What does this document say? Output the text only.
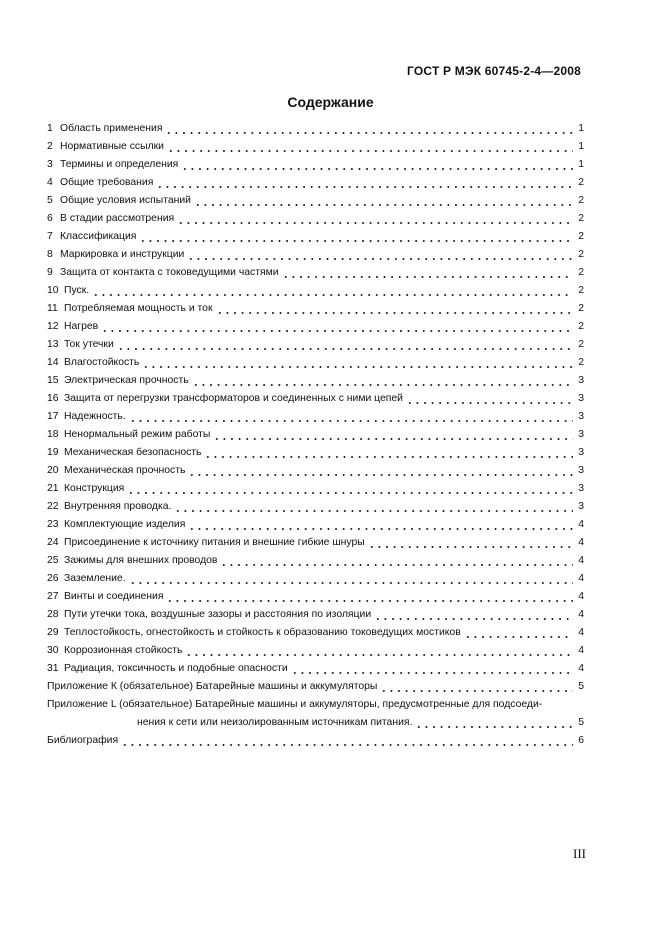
ГОСТ Р МЭК 60745-2-4—2008
Содержание
1 Область применения	1
2 Нормативные ссылки	1
3 Термины и определения	1
4 Общие требования	2
5 Общие условия испытаний	2
6 В стадии рассмотрения	2
7 Классификация	2
8 Маркировка и инструкции	2
9 Защита от контакта с токоведущими частями	2
10 Пуск.	2
11 Потребляемая мощность и ток	2
12 Нагрев	2
13 Ток утечки	2
14 Влагостойкость	2
15 Электрическая прочность	3
16 Защита от перегрузки трансформаторов и соединенных с ними цепей	3
17 Надежность.	3
18 Ненормальный режим работы	3
19 Механическая безопасность	3
20 Механическая прочность	3
21 Конструкция	3
22 Внутренняя проводка.	3
23 Комплектующие изделия	4
24 Присоединение к источнику питания и внешние гибкие шнуры	4
25 Зажимы для внешних проводов	4
26 Заземление.	4
27 Винты и соединения	4
28 Пути утечки тока, воздушные зазоры и расстояния по изоляции	4
29 Теплостойкость, огнестойкость и стойкость к образованию токоведущих мостиков	4
30 Коррозионная стойкость	4
31 Радиация, токсичность и подобные опасности	4
Приложение К (обязательное) Батарейные машины и аккумуляторы	5
Приложение L (обязательное) Батарейные машины и аккумуляторы, предусмотренные для подсоеди-
нения к сети или неизолированным источникам питания.	5
Библиография	6
III
